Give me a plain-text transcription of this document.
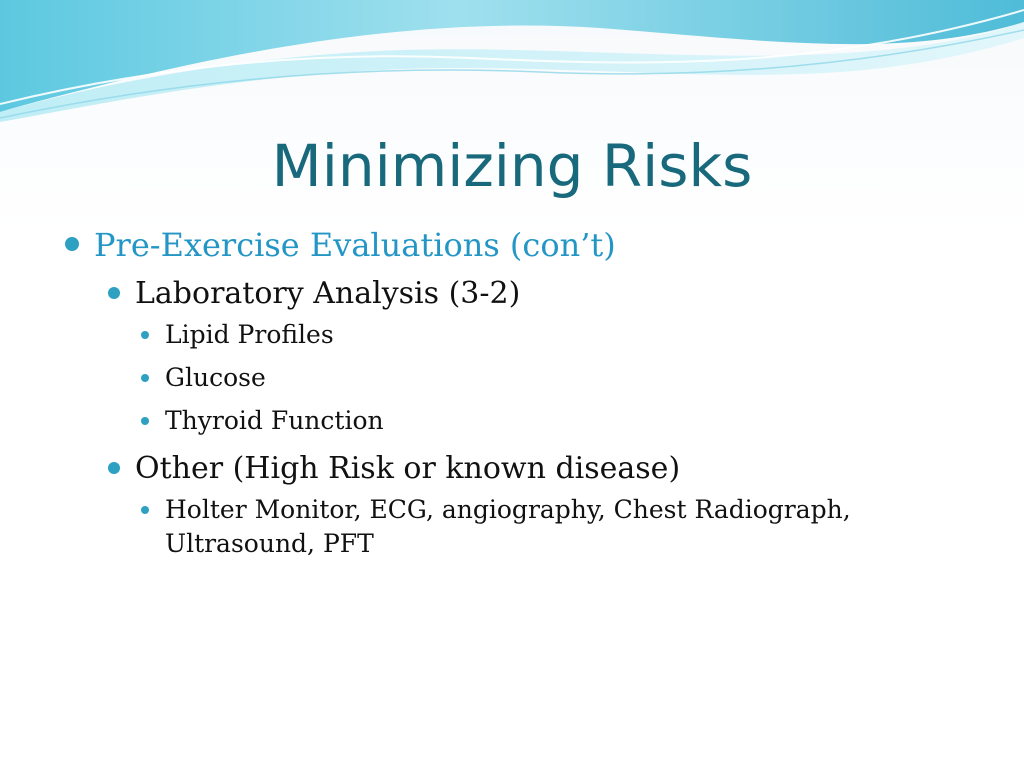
Minimizing Risks
Pre-Exercise Evaluations (con’t)
Laboratory Analysis (3-2)
Lipid Profiles
Glucose
Thyroid Function
Other (High Risk or known disease)
Holter Monitor, ECG, angiography, Chest Radiograph, Ultrasound, PFT
